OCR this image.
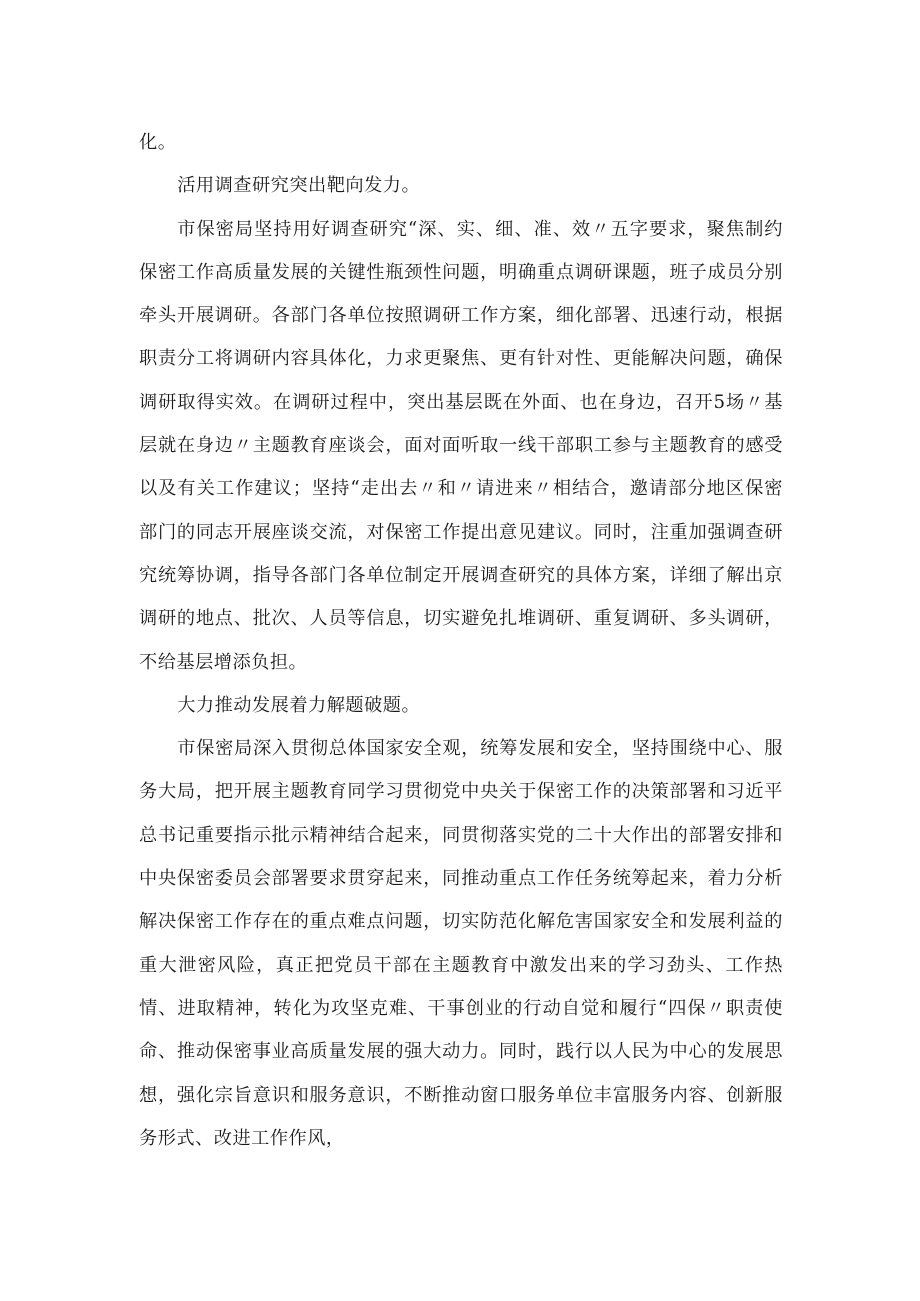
化。

活用调查研究突出靶向发力。

市保密局坚持用好调查研究“深、实、细、准、效〃五字要求，聚焦制约保密工作高质量发展的关键性瓶颈性问题，明确重点调研课题，班子成员分别牵头开展调研。各部门各单位按照调研工作方案，细化部署、迅速行动，根据职责分工将调研内容具体化，力求更聚焦、更有针对性、更能解决问题，确保调研取得实效。在调研过程中，突出基层既在外面、也在身边，召开5场〃基层就在身边〃主题教育座谈会，面对面听取一线干部职工参与主题教育的感受以及有关工作建议；坚持“走出去〃和〃请进来〃相结合，邀请部分地区保密部门的同志开展座谈交流，对保密工作提出意见建议。同时，注重加强调查研究统筹协调，指导各部门各单位制定开展调查研究的具体方案，详细了解出京调研的地点、批次、人员等信息，切实避免扎堆调研、重复调研、多头调研，不给基层增添负担。

大力推动发展着力解题破题。

市保密局深入贯彻总体国家安全观，统筹发展和安全，坚持围绕中心、服务大局，把开展主题教育同学习贯彻党中央关于保密工作的决策部署和习近平总书记重要指示批示精神结合起来，同贯彻落实党的二十大作出的部署安排和中央保密委员会部署要求贯穿起来，同推动重点工作任务统筹起来，着力分析解决保密工作存在的重点难点问题，切实防范化解危害国家安全和发展利益的重大泄密风险，真正把党员干部在主题教育中激发出来的学习劲头、工作热情、进取精神，转化为攻坚克难、干事创业的行动自觉和履行“四保〃职责使命、推动保密事业高质量发展的强大动力。同时，践行以人民为中心的发展思想，强化宗旨意识和服务意识，不断推动窗口服务单位丰富服务内容、创新服务形式、改进工作作风，
